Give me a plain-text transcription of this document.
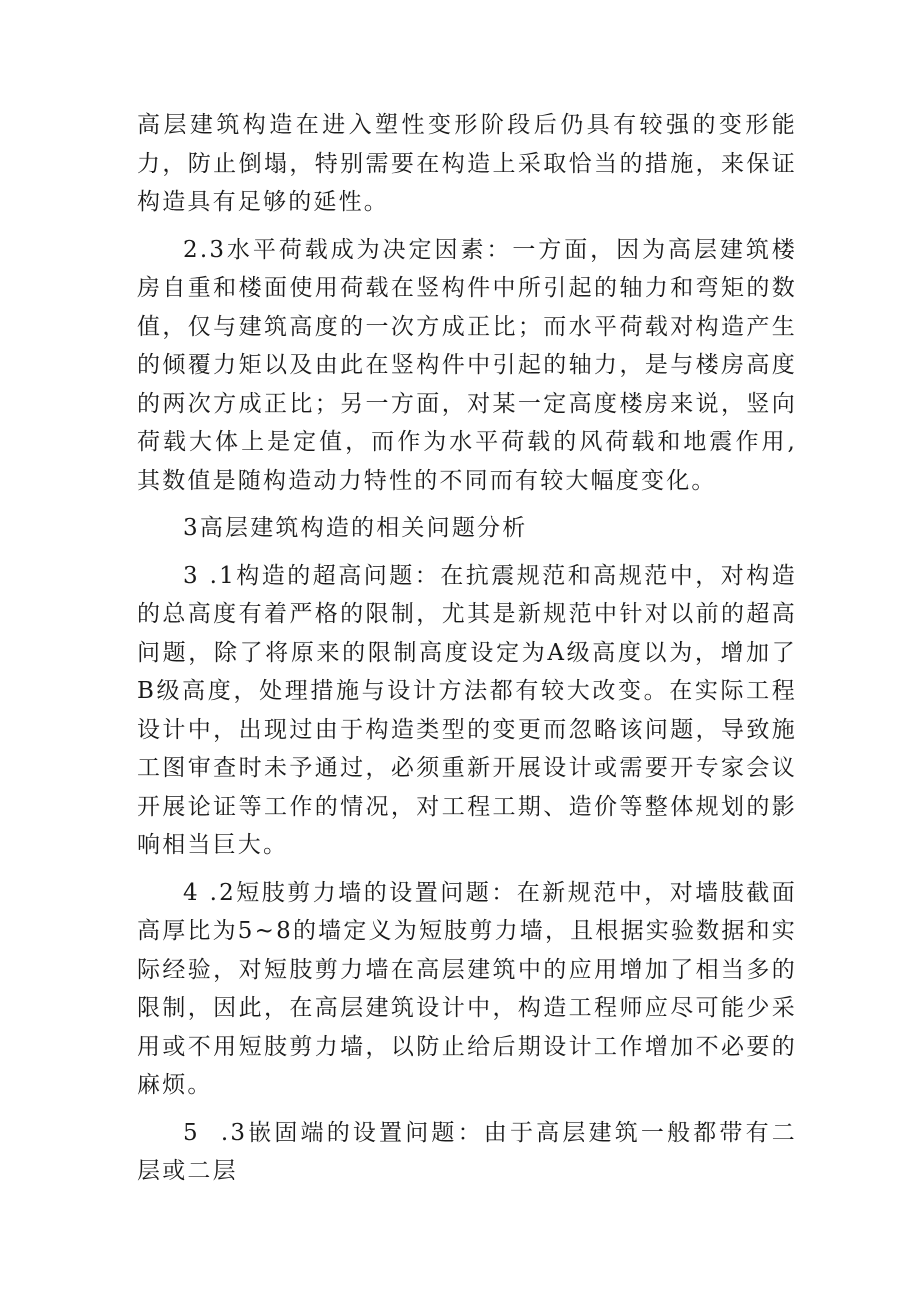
高层建筑构造在进入塑性变形阶段后仍具有较强的变形能力，防止倒塌，特别需要在构造上采取恰当的措施，来保证构造具有足够的延性。

2.3水平荷载成为决定因素：一方面，因为高层建筑楼房自重和楼面使用荷载在竖构件中所引起的轴力和弯矩的数值，仅与建筑高度的一次方成正比；而水平荷载对构造产生的倾覆力矩以及由此在竖构件中引起的轴力，是与楼房高度的两次方成正比；另一方面，对某一定高度楼房来说，竖向荷载大体上是定值，而作为水平荷载的风荷载和地震作用,其数值是随构造动力特性的不同而有较大幅度变化。

3高层建筑构造的相关问题分析

3 .1构造的超高问题：在抗震规范和高规范中，对构造的总高度有着严格的限制，尤其是新规范中针对以前的超高问题，除了将原来的限制高度设定为A级高度以为，增加了B级高度，处理措施与设计方法都有较大改变。在实际工程设计中，出现过由于构造类型的变更而忽略该问题，导致施工图审查时未予通过，必须重新开展设计或需要开专家会议开展论证等工作的情况，对工程工期、造价等整体规划的影响相当巨大。

4 .2短肢剪力墙的设置问题：在新规范中，对墙肢截面高厚比为5~8的墙定义为短肢剪力墙，且根据实验数据和实际经验，对短肢剪力墙在高层建筑中的应用增加了相当多的限制，因此，在高层建筑设计中，构造工程师应尽可能少采用或不用短肢剪力墙，以防止给后期设计工作增加不必要的麻烦。

5  .3嵌固端的设置问题：由于高层建筑一般都带有二层或二层
